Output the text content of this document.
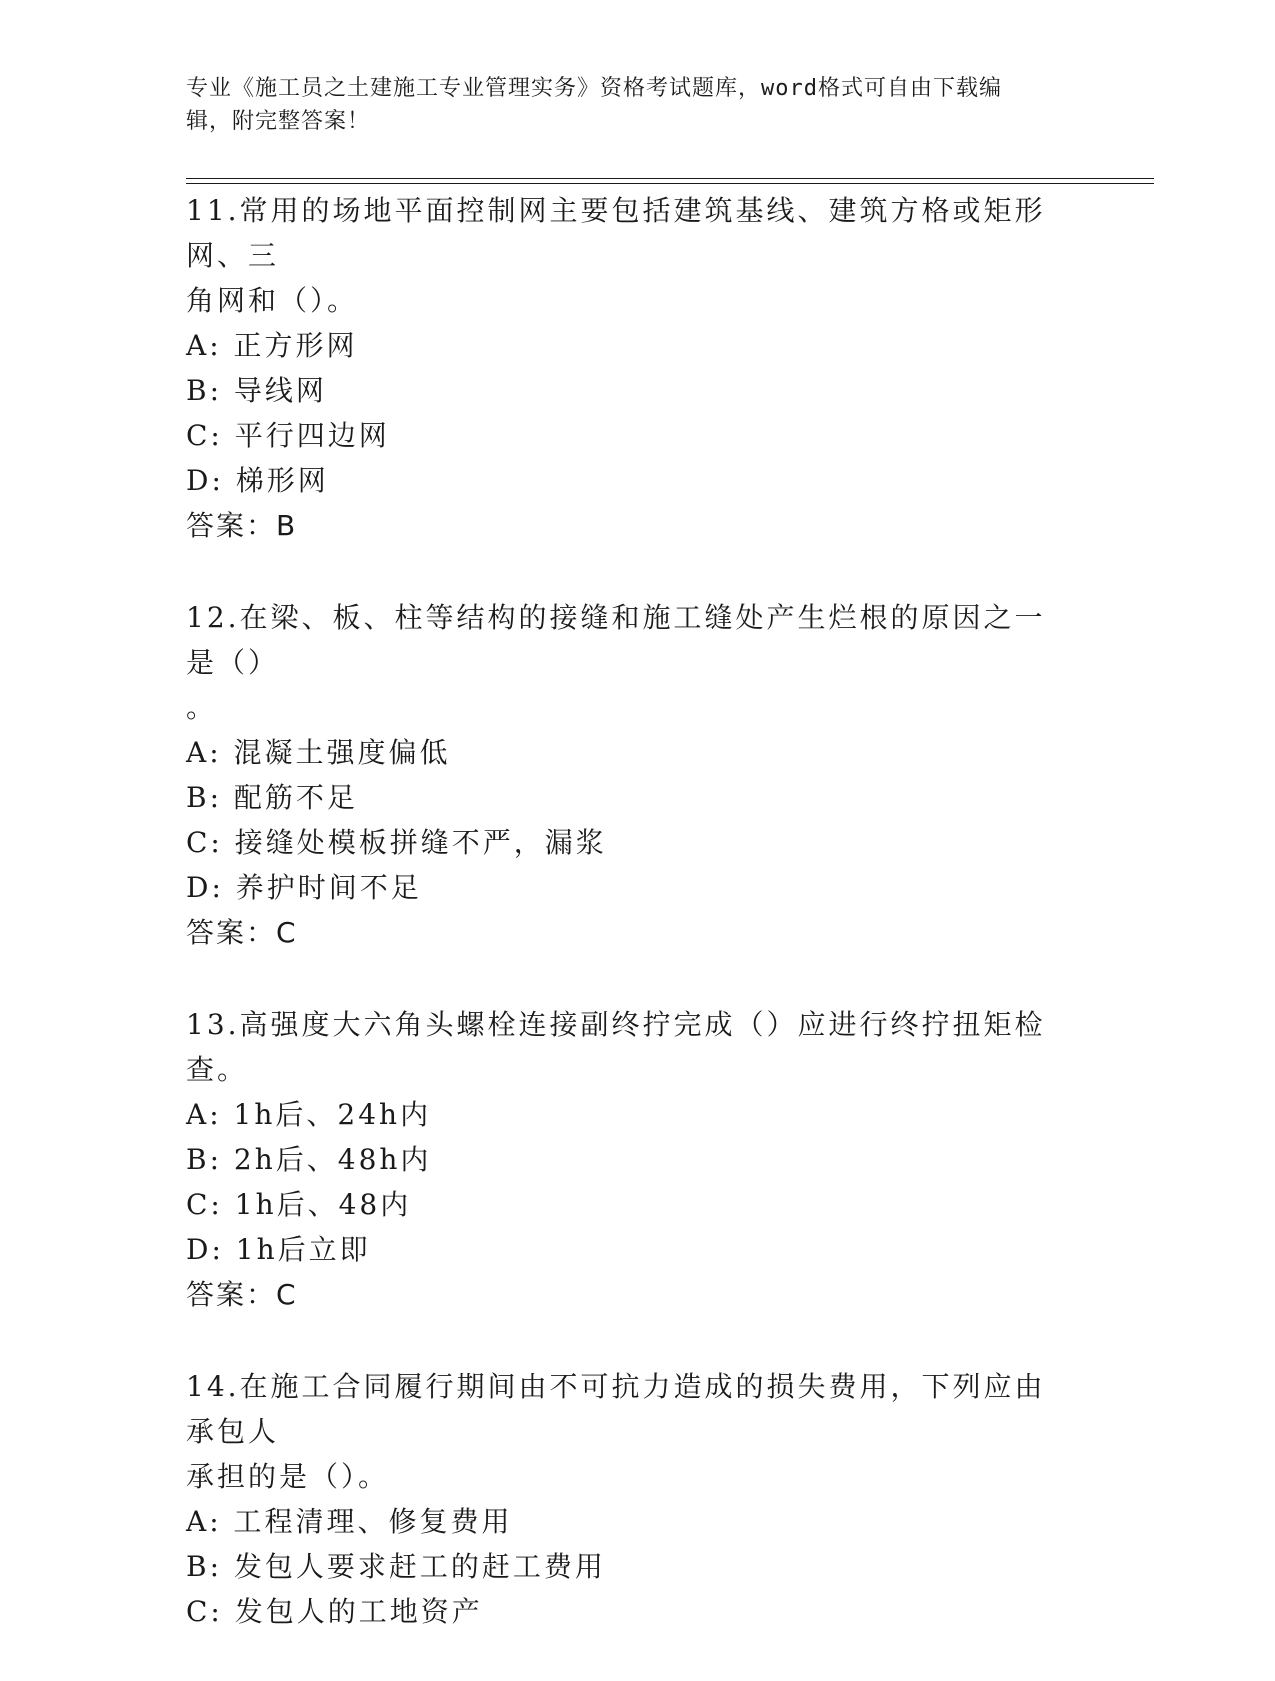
专业《施工员之土建施工专业管理实务》资格考试题库，word格式可自由下载编
辑，附完整答案！

11.常用的场地平面控制网主要包括建筑基线、建筑方格或矩形网、三
角网和（）。

A: 正方形网

B: 导线网

C: 平行四边网

D: 梯形网

答案：B

12.在梁、板、柱等结构的接缝和施工缝处产生烂根的原因之一是（）
。

A: 混凝土强度偏低

B: 配筋不足

C: 接缝处模板拼缝不严，漏浆

D: 养护时间不足

答案：C

13.高强度大六角头螺栓连接副终拧完成（）应进行终拧扭矩检查。

A: 1h后、24h内

B: 2h后、48h内

C: 1h后、48内

D: 1h后立即

答案：C

14.在施工合同履行期间由不可抗力造成的损失费用，下列应由承包人
承担的是（）。

A: 工程清理、修复费用

B: 发包人要求赶工的赶工费用

C: 发包人的工地资产
